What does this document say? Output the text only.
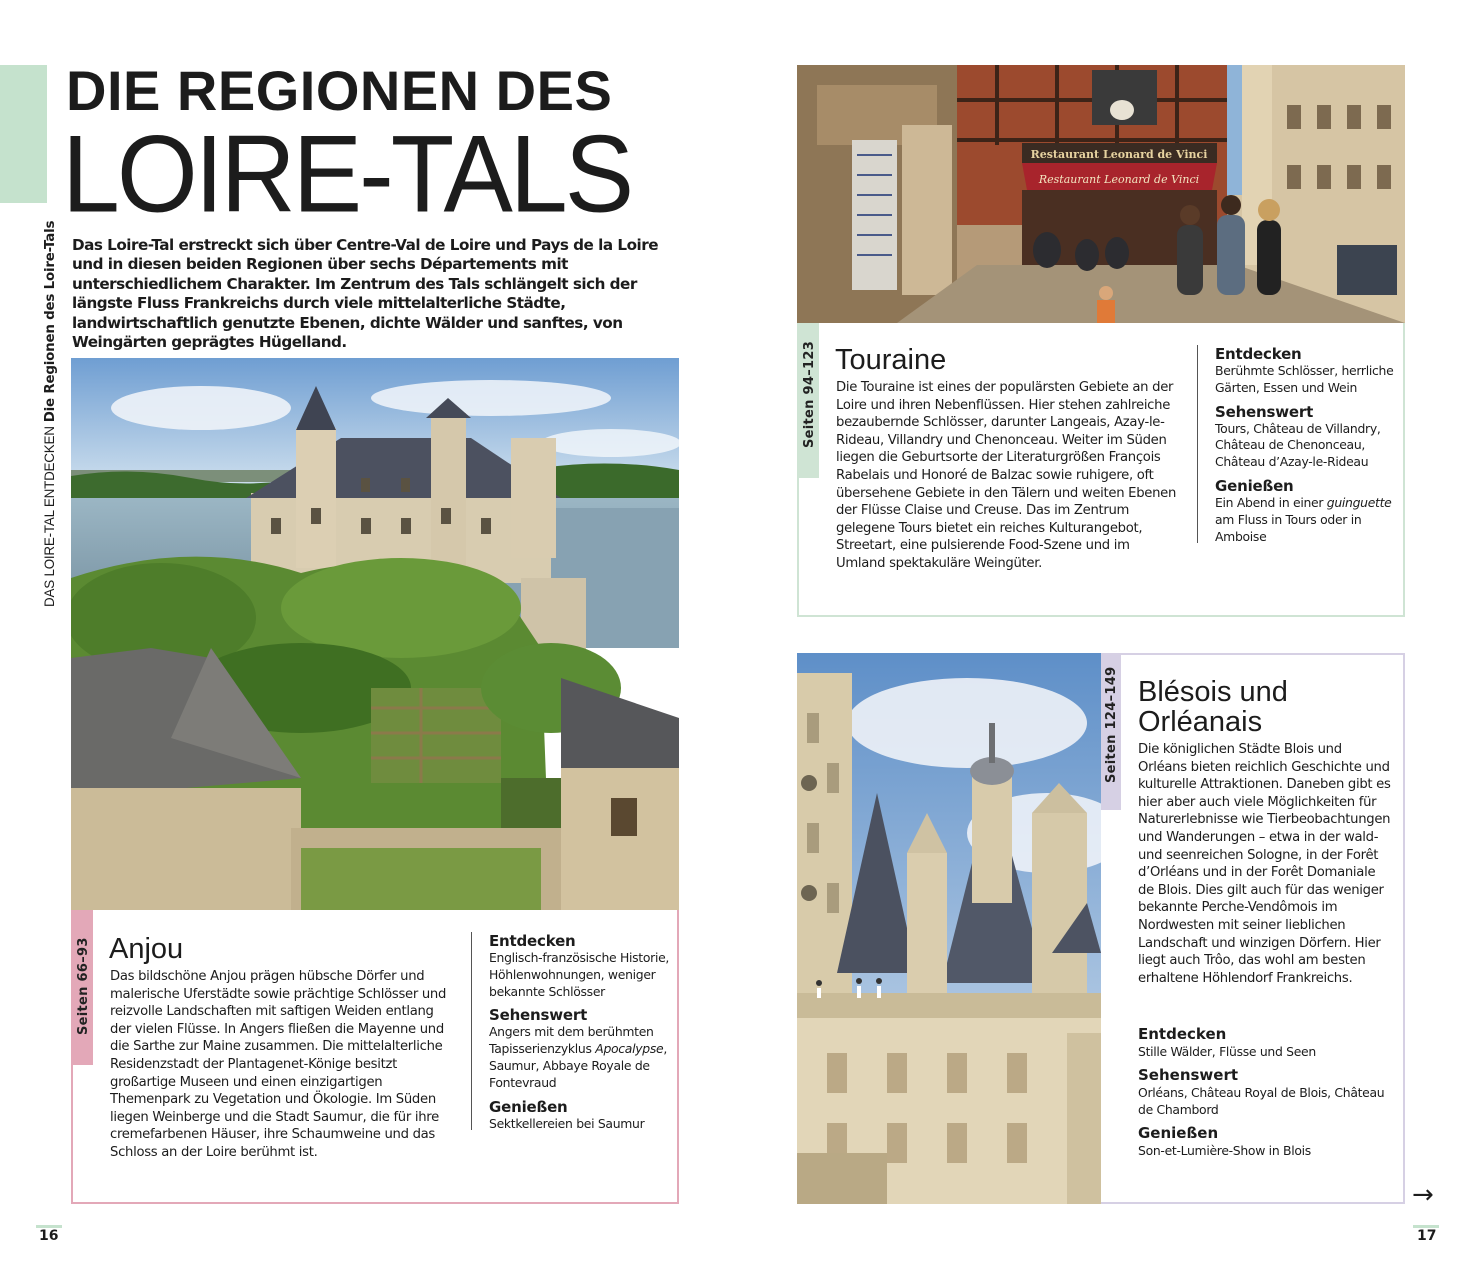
DAS LOIRE-TAL ENTDECKEN Die Regionen des Loire-Tals
DIE REGIONEN DES
LOIRE-TALS

Das Loire-Tal erstreckt sich über Centre-Val de Loire und Pays de la Loire und in diesen beiden Regionen über sechs Départements mit unterschiedlichem Charakter. Im Zentrum des Tals schlängelt sich der längste Fluss Frankreichs durch viele mittelalterliche Städte, landwirtschaftlich genutzte Ebenen, dichte Wälder und sanftes, von Weingärten geprägtes Hügelland.

Seiten 66–93 Anjou

Das bildschöne Anjou prägen hübsche Dörfer und malerische Uferstädte sowie prächtige Schlösser und reizvolle Landschaften mit saftigen Weiden entlang der vielen Flüsse. In Angers fließen die Mayenne und die Sarthe zur Maine zusammen. Die mittelalterliche Residenzstadt der Plantagenet-Könige besitzt großartige Museen und einen einzigartigen Themenpark zu Vegetation und Ökologie. Im Süden liegen Weinberge und die Stadt Saumur, die für ihre cremefarbenen Häuser, ihre Schaumweine und das Schloss an der Loire berühmt ist.

Entdecken
Englisch-französische Historie, Höhlenwohnungen, weniger bekannte Schlösser
Sehenswert
Angers mit dem berühmten Tapisserienzyklus Apocalypse, Saumur, Abbaye Royale de Fontevraud
Genießen
Sektkellereien bei Saumur
Restaurant Leonard de Vinci
Restaurant Leonard de Vinci
Seiten 94–123 Touraine

Die Touraine ist eines der populärsten Gebiete an der Loire und ihren Nebenflüssen. Hier stehen zahlreiche bezaubernde Schlösser, darunter Langeais, Azay-le-Rideau, Villandry und Chenonceau. Weiter im Süden liegen die Geburtsorte der Literaturgrößen François Rabelais und Honoré de Balzac sowie ruhigere, oft übersehene Gebiete in den Tälern und weiten Ebenen der Flüsse Claise und Creuse. Das im Zentrum gelegene Tours bietet ein reiches Kulturangebot, Streetart, eine pulsierende Food-Szene und im Umland spektakuläre Weingüter.

Entdecken
Berühmte Schlösser, herrliche Gärten, Essen und Wein
Sehenswert
Tours, Château de Villandry, Château de Chenonceau, Château d’Azay-le-Rideau
Genießen
Ein Abend in einer guinguette am Fluss in Tours oder in Amboise
Seiten 124–149 Blésois und
Orléanais

Die königlichen Städte Blois und Orléans bieten reichlich Geschichte und kulturelle Attraktionen. Daneben gibt es hier aber auch viele Möglichkeiten für Naturerlebnisse wie Tierbeobachtungen und Wanderungen – etwa in der wald- und seenreichen Sologne, in der Forêt d’Orléans und in der Forêt Domaniale de Blois. Dies gilt auch für das weniger bekannte Perche-Vendômois im Nordwesten mit seiner lieblichen Landschaft und winzigen Dörfern. Hier liegt auch Trôo, das wohl am besten erhaltene Höhlendorf Frankreichs.

Entdecken
Stille Wälder, Flüsse und Seen
Sehenswert
Orléans, Château Royal de Blois, Château de Chambord
Genießen
Son-et-Lumière-Show in Blois
16	17
→
